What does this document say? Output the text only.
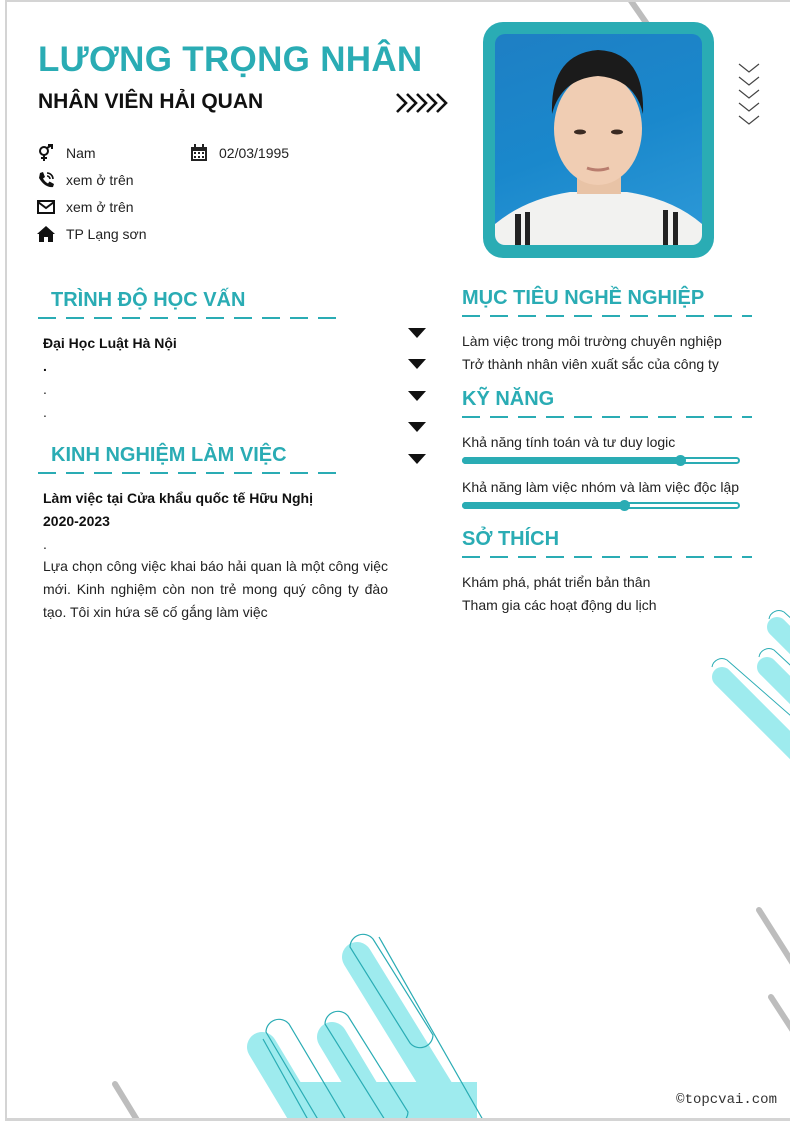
LƯƠNG TRỌNG NHÂN
NHÂN VIÊN HẢI QUAN
Nam	02/03/1995
xem ở trên
xem ở trên
TP Lạng sơn
TRÌNH ĐỘ HỌC VẤN
Đại Học Luật Hà Nội
.
.
.
KINH NGHIỆM LÀM VIỆC
Làm việc tại Cửa khẩu quốc tế Hữu Nghị
2020-2023
.
Lựa chọn công việc khai báo hải quan là một công việc mới. Kinh nghiệm còn non trẻ mong quý công ty đào tạo. Tôi xin hứa sẽ cố gắng làm việc
MỤC TIÊU NGHỀ NGHIỆP
Làm việc trong môi trường chuyên nghiệp
Trở thành nhân viên xuất sắc của công ty
KỸ NĂNG
Khả năng tính toán và tư duy logic
Khả năng làm việc nhóm và làm việc độc lập
SỞ THÍCH
Khám phá, phát triển bản thân
Tham gia các hoạt động du lịch
©topcvai.com
